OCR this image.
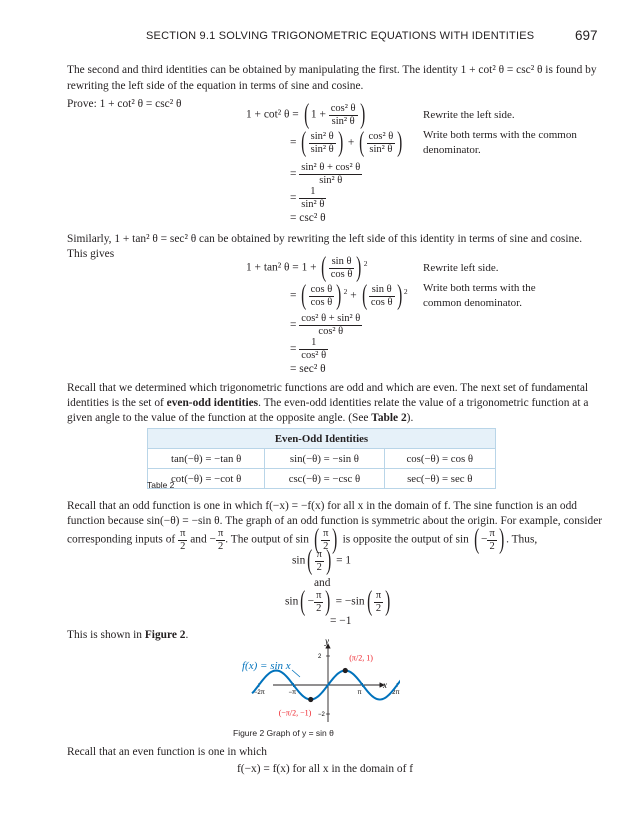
SECTION 9.1 SOLVING TRIGONOMETRIC EQUATIONS WITH IDENTITIES	697
The second and third identities can be obtained by manipulating the first. The identity 1 + cot² θ = csc² θ is found by
rewriting the left side of the equation in terms of sine and cosine.
Prove: 1 + cot² θ = csc² θ
1 + cot² θ = ( $1 + \frac{\text{cos² θ}}{\text{sin² θ}}$ )	Rewrite the left side.
= ( $\frac{\text{sin² θ}}{\text{sin² θ}}$ ) + ( $\frac{\text{cos² θ}}{\text{sin² θ}}$ ) Write both terms with the common
denominator.
= $\frac{\text{sin² θ + cos² θ}}{\text{sin² θ}}$
= $\frac{1}{\text{sin² θ}}$
= csc² θ
Similarly, 1 + tan² θ = sec² θ can be obtained by rewriting the left side of this identity in terms of sine and cosine.
This gives
1 + tan² θ = 1 + ( $\frac{\text{sin θ}}{\text{cos θ}}$ ) $^2$	Rewrite left side.
= ( $\frac{\text{cos θ}}{\text{cos θ}}$ ) $^2$ + ( $\frac{\text{sin θ}}{\text{cos θ}}$ ) $^2$ Write both terms with the
common denominator.
= $\frac{\text{cos² θ + sin² θ}}{\text{cos² θ}}$
= $\frac{1}{\text{cos² θ}}$
= sec² θ
Recall that we determined which trigonometric functions are odd and which are even. The next set of fundamental
identities is the set of even-odd identities. The even-odd identities relate the value of a trigonometric function at a
given angle to the value of the function at the opposite angle. (See Table 2).
Even-Odd Identities		
tan(−θ) = −tan θ	sin(−θ) = −sin θ	cos(−θ) = cos θ
cot(−θ) = −cot θ	csc(−θ) = −csc θ	sec(−θ) = sec θ
Table 2
Recall that an odd function is one in which f(−x) = −f(x) for all x in the domain of f. The sine function is an odd
function because sin(−θ) = −sin θ. The graph of an odd function is symmetric about the origin. For example, consider
corresponding inputs of $\frac{\pi}{2}$ and − $\frac{\pi}{2}$ . The output of sin ( $\frac{\pi}{2}$ ) is opposite the output of sin ( − $\frac{\pi}{2}$ ) . Thus,
$\sin( \frac{\pi}{2}$ ) = 1
and
$\sin( - \frac{\pi}{2}$ ) = $-\sin( \frac{\pi}{2}$ )
= −1
This is shown in Figure 2.	y
x
−2π	−π	π	2π
2
−2
(π/2, 1)
(−π/2, −1)
f(x) = sin x
Figure 2 Graph of y = sin θ
Recall that an even function is one in which
f(−x) = f(x) for all x in the domain of f
